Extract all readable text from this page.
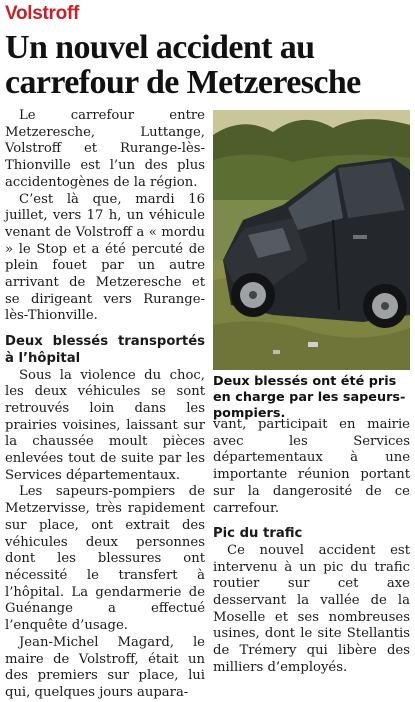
Volstroff
Un nouvel accident au carrefour de Metzeresche

Le carrefour entre Metzeresche, Luttange, Volstroff et Rurange-lès-Thionville est l’un des plus accidentogènes de la région.

C’est là que, mardi 16 juillet, vers 17 h, un véhicule venant de Volstroff a « mordu » le Stop et a été percuté de plein fouet par un autre arrivant de Metzeresche et se dirigeant vers Rurange-lès-Thionville.

Deux blessés transportés à l’hôpital

Sous la violence du choc, les deux véhicules se sont retrouvés loin dans les prairies voisines, laissant sur la chaussée moult pièces enlevées tout de suite par les Services départementaux.

Les sapeurs-pompiers de Metzervisse, très rapidement sur place, ont extrait des véhicules deux personnes dont les blessures ont nécessité le transfert à l’hôpital. La gendarmerie de Guénange a effectué l’enquête d’usage.

Jean-Michel Magard, le maire de Volstroff, était un des premiers sur place, lui qui, quelques jours aupara-

Deux blessés ont été pris en charge par les sapeurs-pompiers.

vant, participait en mairie avec les Services départementaux à une importante réunion portant sur la dangerosité de ce carrefour.

Pic du trafic

Ce nouvel accident est intervenu à un pic du trafic routier sur cet axe desservant la vallée de la Moselle et ses nombreuses usines, dont le site Stellantis de Trémery qui libère des milliers d’employés.
